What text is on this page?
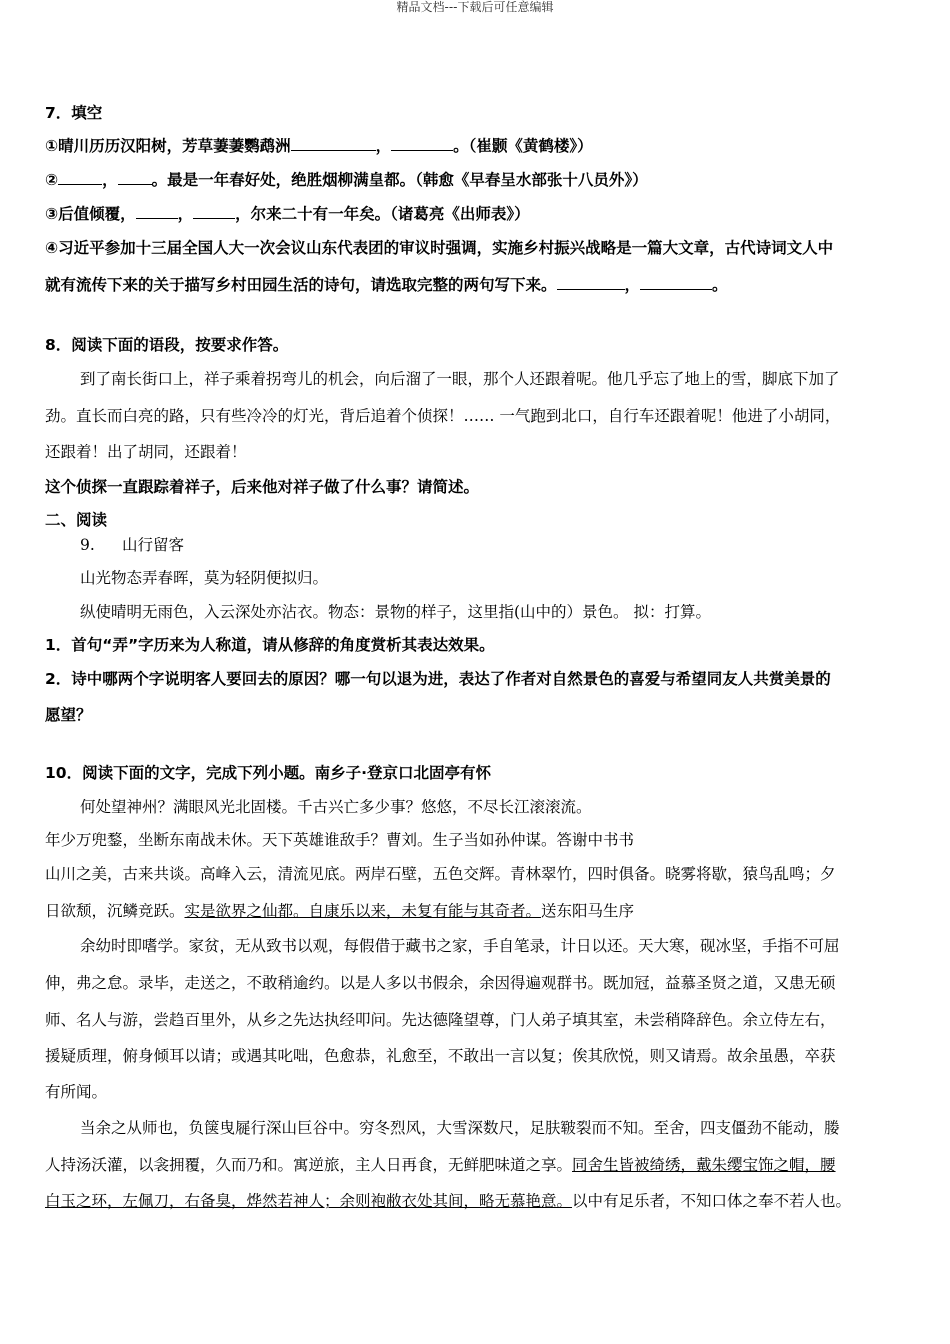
精品文档---下载后可任意编辑
7．填空
①晴川历历汉阳树，芳草萋萋鹦鹉洲	，	。（崔颢《黄鹤楼》）
②	， 。最是一年春好处，绝胜烟柳满皇都。（韩愈《早春呈水部张十八员外》）
③后值倾覆，	，	，尔来二十有一年矣。（诸葛亮《出师表》）
④习近平参加十三届全国人大一次会议山东代表团的审议时强调，实施乡村振兴战略是一篇大文章，古代诗词文人中
就有流传下来的关于描写乡村田园生活的诗句，请选取完整的两句写下来。	，	。
8．阅读下面的语段，按要求作答。
到了南长街口上，祥子乘着拐弯儿的机会，向后溜了一眼，那个人还跟着呢。他几乎忘了地上的雪，脚底下加了
劲。直长而白亮的路，只有些冷冷的灯光，背后追着个侦探！…… 一气跑到北口，自行车还跟着呢！他进了小胡同，
还跟着！出了胡同，还跟着！
这个侦探一直跟踪着祥子，后来他对祥子做了什么事？请简述。
二、阅读
9. 山行留客
山光物态弄春晖，莫为轻阴便拟归。
纵使晴明无雨色，入云深处亦沾衣。物态：景物的样子，这里指(山中的）景色。 拟：打算。
1．首句“弄”字历来为人称道，请从修辞的角度赏析其表达效果。
2．诗中哪两个字说明客人要回去的原因？哪一句以退为进，表达了作者对自然景色的喜爱与希望同友人共赏美景的
愿望？
10．阅读下面的文字，完成下列小题。南乡子·登京口北固亭有怀
何处望神州？满眼风光北固楼。千古兴亡多少事？悠悠，不尽长江滚滚流。
年少万兜鍪，坐断东南战未休。天下英雄谁敌手？曹刘。生子当如孙仲谋。答谢中书书
山川之美，古来共谈。高峰入云，清流见底。两岸石壁，五色交辉。青林翠竹，四时俱备。晓雾将歇，猿鸟乱鸣；夕
日欲颓，沉鳞竞跃。实是欲界之仙都。自康乐以来，未复有能与其奇者。送东阳马生序
余幼时即嗜学。家贫，无从致书以观，每假借于藏书之家，手自笔录，计日以还。天大寒，砚冰坚，手指不可屈
伸，弗之怠。录毕，走送之，不敢稍逾约。以是人多以书假余，余因得遍观群书。既加冠，益慕圣贤之道，又患无硕
师、名人与游，尝趋百里外，从乡之先达执经叩问。先达德隆望尊，门人弟子填其室，未尝稍降辞色。余立侍左右，
援疑质理，俯身倾耳以请；或遇其叱咄，色愈恭，礼愈至，不敢出一言以复；俟其欣悦，则又请焉。故余虽愚，卒获
有所闻。
当余之从师也，负箧曳屣行深山巨谷中。穷冬烈风，大雪深数尺，足肤皲裂而不知。至舍，四支僵劲不能动，媵
人持汤沃灌，以衾拥覆，久而乃和。寓逆旅，主人日再食，无鲜肥味道之享。同舍生皆被绮绣，戴朱缨宝饰之帽，腰
白玉之环，左佩刀，右备臭，烨然若神人；余则袍敝衣处其间，略无慕艳意。以中有足乐者，不知口体之奉不若人也。
